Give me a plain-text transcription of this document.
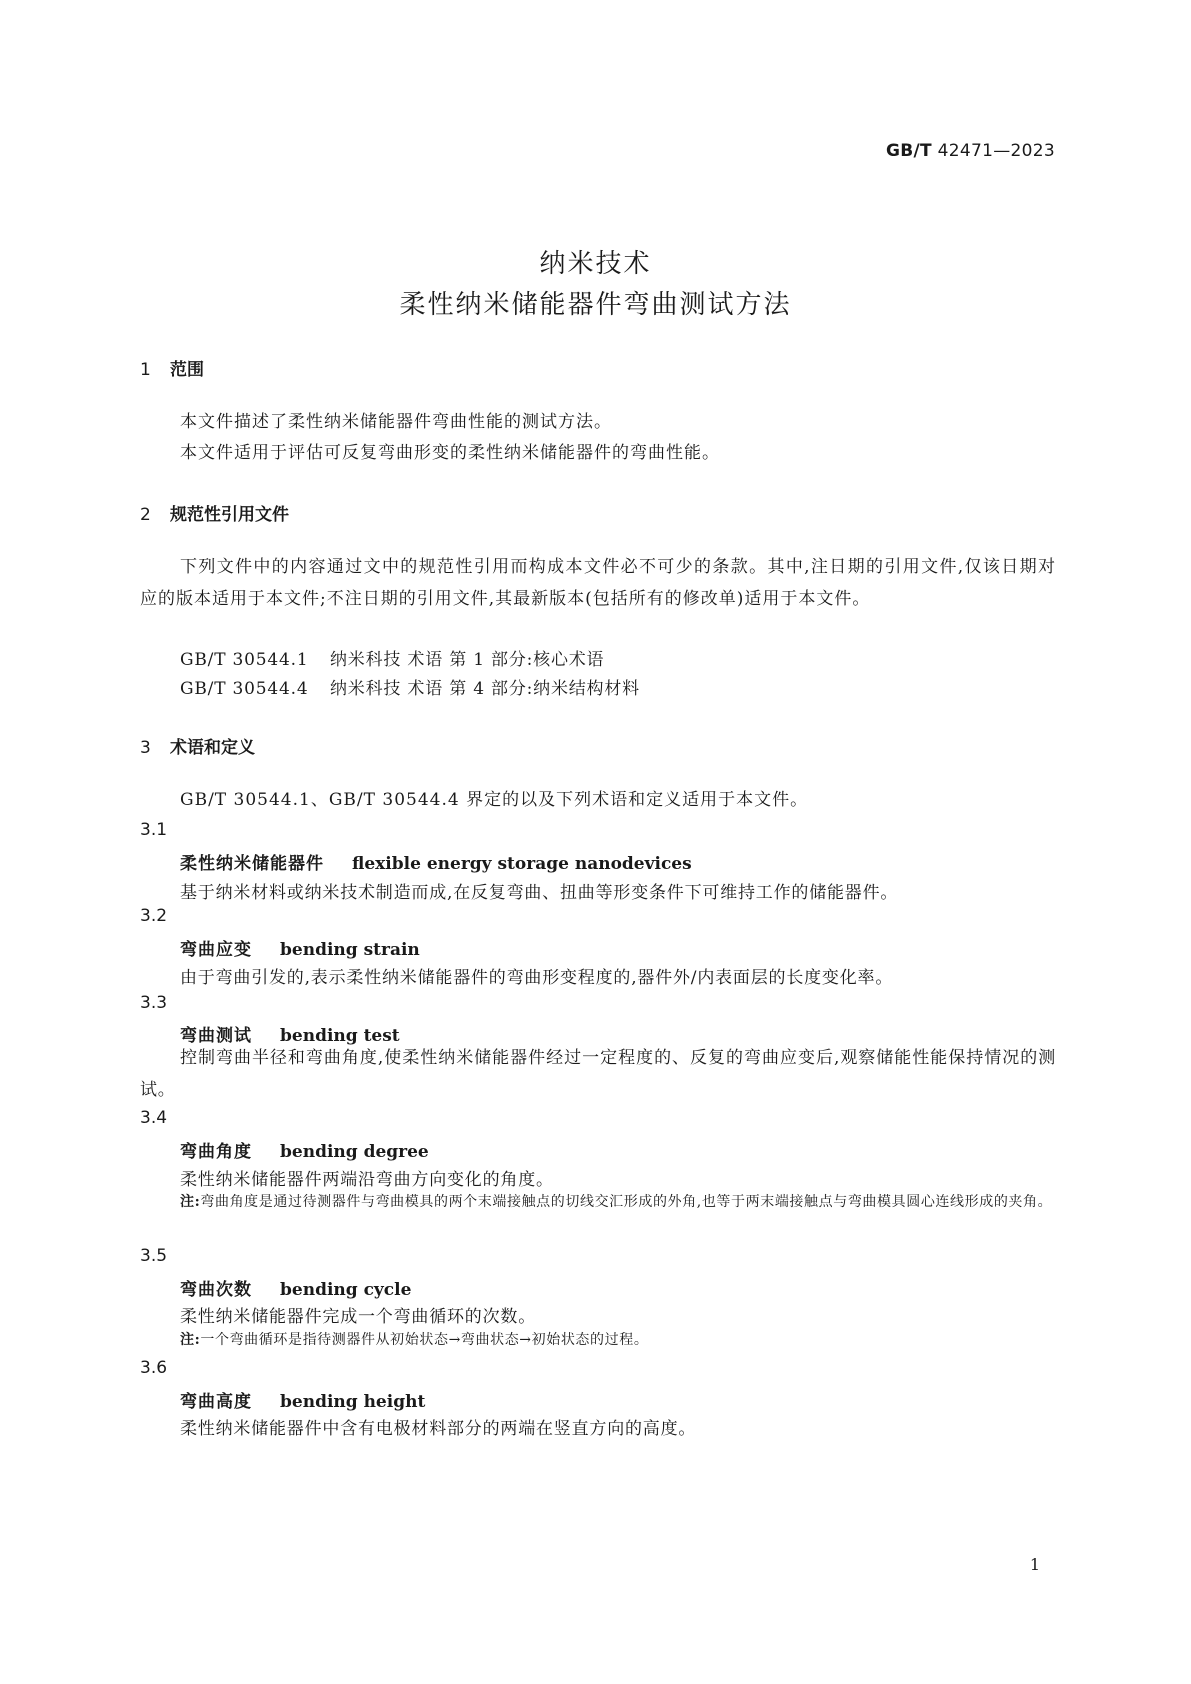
GB/T 42471—2023
纳米技术
柔性纳米储能器件弯曲测试方法
1 范围
本文件描述了柔性纳米储能器件弯曲性能的测试方法。
本文件适用于评估可反复弯曲形变的柔性纳米储能器件的弯曲性能。
2 规范性引用文件
下列文件中的内容通过文中的规范性引用而构成本文件必不可少的条款。其中,注日期的引用文件,仅该日期对应的版本适用于本文件;不注日期的引用文件,其最新版本(包括所有的修改单)适用于本文件。
GB/T 30544.1 纳米科技 术语 第 1 部分:核心术语
GB/T 30544.4 纳米科技 术语 第 4 部分:纳米结构材料
3 术语和定义
GB/T 30544.1、GB/T 30544.4 界定的以及下列术语和定义适用于本文件。
3.1
柔性纳米储能器件 flexible energy storage nanodevices
基于纳米材料或纳米技术制造而成,在反复弯曲、扭曲等形变条件下可维持工作的储能器件。
3.2
弯曲应变 bending strain
由于弯曲引发的,表示柔性纳米储能器件的弯曲形变程度的,器件外/内表面层的长度变化率。
3.3
弯曲测试 bending test
控制弯曲半径和弯曲角度,使柔性纳米储能器件经过一定程度的、反复的弯曲应变后,观察储能性能保持情况的测试。
3.4
弯曲角度 bending degree
柔性纳米储能器件两端沿弯曲方向变化的角度。
注:弯曲角度是通过待测器件与弯曲模具的两个末端接触点的切线交汇形成的外角,也等于两末端接触点与弯曲模具圆心连线形成的夹角。
3.5
弯曲次数 bending cycle
柔性纳米储能器件完成一个弯曲循环的次数。
注:一个弯曲循环是指待测器件从初始状态→弯曲状态→初始状态的过程。
3.6
弯曲高度 bending height
柔性纳米储能器件中含有电极材料部分的两端在竖直方向的高度。
1
